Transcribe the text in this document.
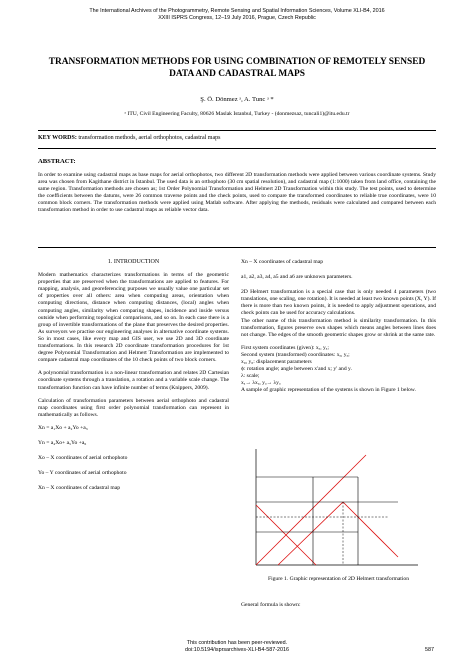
The International Archives of the Photogrammetry, Remote Sensing and Spatial Information Sciences, Volume XLI-B4, 2016
XXIII ISPRS Congress, 12–19 July 2016, Prague, Czech Republic
TRANSFORMATION METHODS FOR USING COMBINATION OF REMOTELY SENSED DATA AND CADASTRAL MAPS
Ş. Ö. Dönmez ᵃ, A. Tunc ᵃ *
ᵃ ITU, Civil Engineering Faculty, 80626 Maslak Istanbul, Turkey - (donmezsaz, tuncali1)@itu.edu.tr
KEY WORDS: transformation methods, aerial orthophotos, cadastral maps
ABSTRACT:
In order to examine using cadastral maps as base maps for aerial orthophotos, two different 2D transformation methods were applied between various coordinate systems. Study area was chosen from Kagithane district in Istanbul. The used data is an orthophoto (30 cm spatial resolution), and cadastral map (1:1000) taken from land office, containing the same region. Transformation methods are chosen as; 1st Order Polynomial Transformation and Helmert 2D Transformation within this study. The test points, used to determine the coefficients between the datums, were 26 common traverse points and the check points, used to compare the transformed coordinates to reliable true coordinates, were 10 common block corners. The transformation methods were applied using Matlab software. After applying the methods, residuals were calculated and compared between each transformation method in order to use cadastral maps as reliable vector data.
1. INTRODUCTION

Modern mathematics characterizes transformations in terms of the geometric properties that are preserved when the transformations are applied to features. For mapping, analysis, and georeferencing purposes we usually value one particular set of properties over all others: area when computing areas, orientation when computing directions, distance when computing distances, (local) angles when computing angles, similarity when comparing shapes, incidence and inside versus outside when performing topological comparisons, and so on. In each case there is a group of invertible transformations of the plane that preserves the desired properties. As surveyors we practise our engineering analyses in alternative coordinate systems. So in most cases, like every map and GIS user, we use 2D and 3D coordinate transformations. In this research 2D coordinate transformation procedures for 1st degree Polynomial Transformation and Helmert Transformation are implemented to compare cadastral map coordinates of the 10 check points of two block corners.

A polynomial transformation is a non-linear transformation and relates 2D Cartesian coordinate systems through a translation, a rotation and a variable scale change. The transformation function can have infinite number of terms (Knippers, 2009).

Calculation of transformation parameters between aerial orthophoto and cadastral map coordinates using first order polynomial transformation can represent in mathematically as follows.

Xn = a₁Xo + a₂Yo +a₃
Yn = a₄Xo+ a₅Yo +a₆
Xo – X coordinates of aerial orthophoto
Yo – Y coordinates of aerial orthophoto
Xn – X coordinates of cadastral map
Xn – X coordinates of cadastral map
a1, a2, a3, a4, a5 and a6 are unknown parameters.

2D Helmert transformation is a special case that is only needed 4 parameters (two translations, one scaling, one rotation). It is needed at least two known points (X, Y). If there is more than two known points, it is needed to apply adjustment operations, and check points can be used for accuracy calculations.

The other name of this transformation method is similarity transformation. In this transformation, figures preserve own shapes which means angles between lines does not change. The edges of the smooth geometric shapes grow or shrink at the same rate.

First system coordinates (given): xₐ, yₐ;
Second system (transformed) coordinates: xₐ, yₐ;
x₀, y₀: displacement parameters
ϕ: rotation angle; angle between x'and x; y' and y.
λ: scale;
xₐ→ λxₐ, yₐ→ λyₐ

A sample of graphic representation of the systems is shown in Figure 1 below.

Figure 1. Graphic representation of 2D Helmert transformation
General formula is shown:
This contribution has been peer-reviewed.
doi:10.5194/isprsarchives-XLI-B4-587-2016	587
